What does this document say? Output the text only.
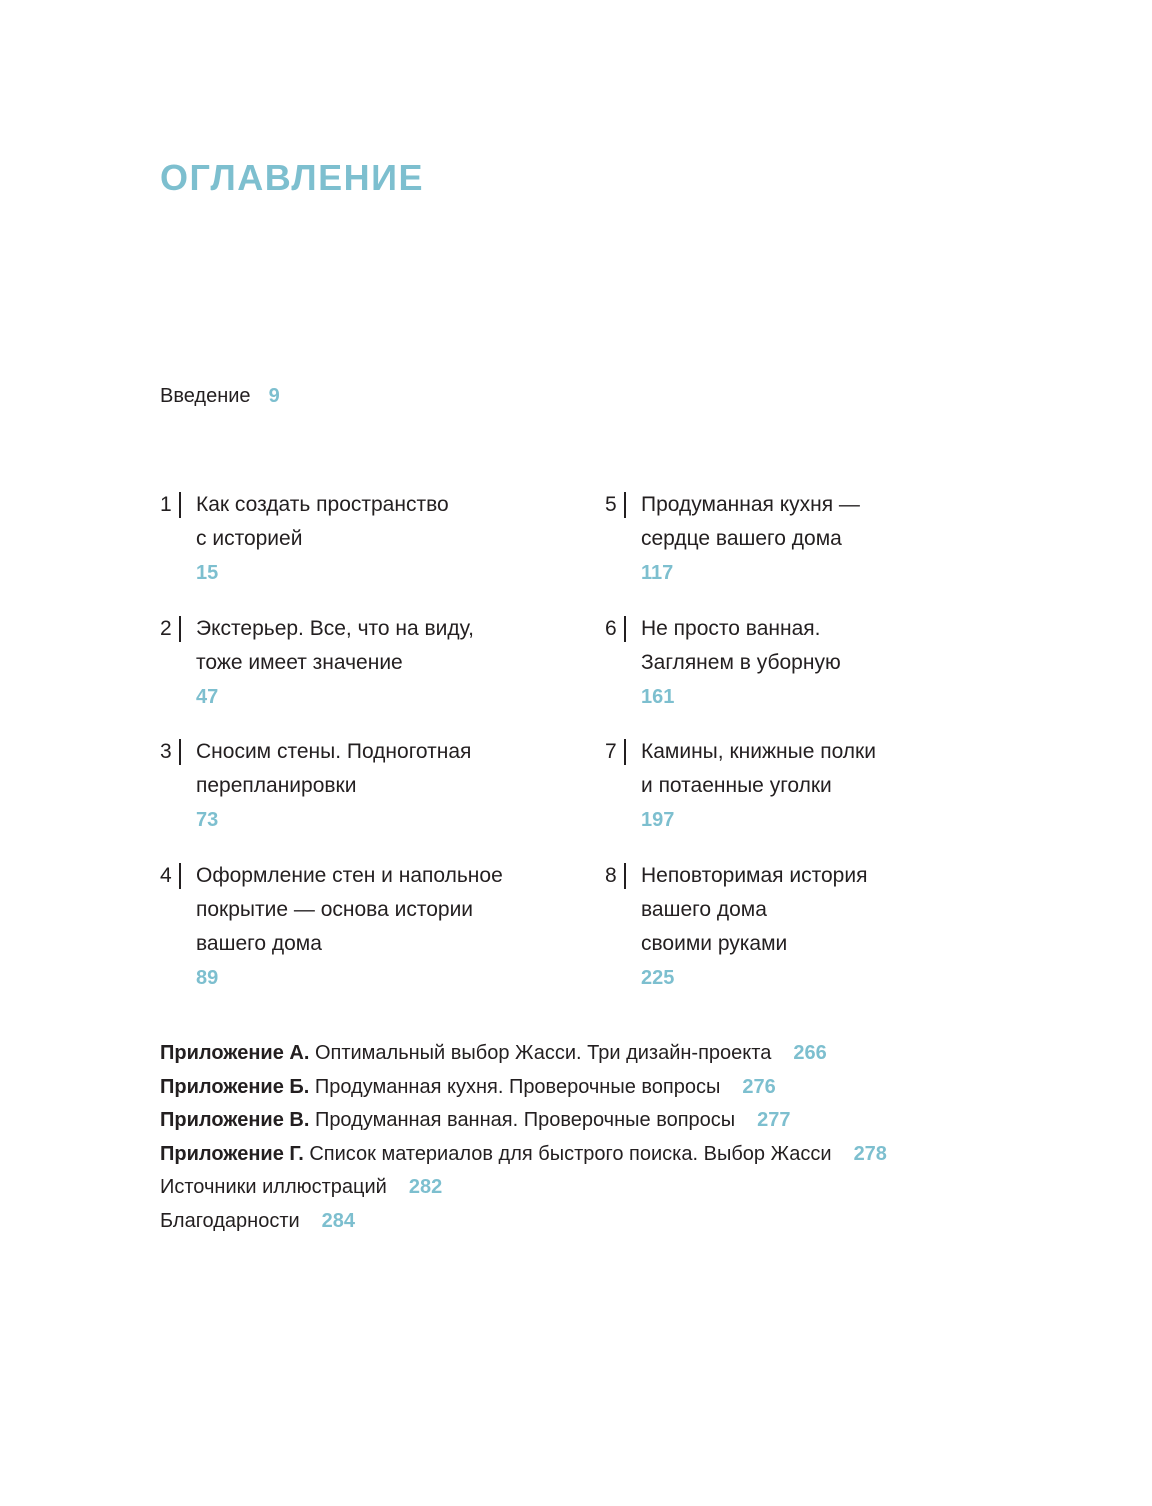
ОГЛАВЛЕНИЕ
Введение 9
1 Как создать пространство
с историей
15
2 Экстерьер. Все, что на виду,
тоже имеет значение
47
3 Сносим стены. Подноготная
перепланировки
73
4 Оформление стен и напольное
покрытие — основа истории
вашего дома
89
5 Продуманная кухня —
сердце вашего дома
117
6 Не просто ванная.
Заглянем в уборную
161
7 Камины, книжные полки
и потаенные уголки
197
8 Неповторимая история
вашего дома
своими руками
225
Приложение А. Оптимальный выбор Жасси. Три дизайн-проекта 266
Приложение Б. Продуманная кухня. Проверочные вопросы 276
Приложение В. Продуманная ванная. Проверочные вопросы 277
Приложение Г. Список материалов для быстрого поиска. Выбор Жасси 278
Источники иллюстраций 282
Благодарности 284
